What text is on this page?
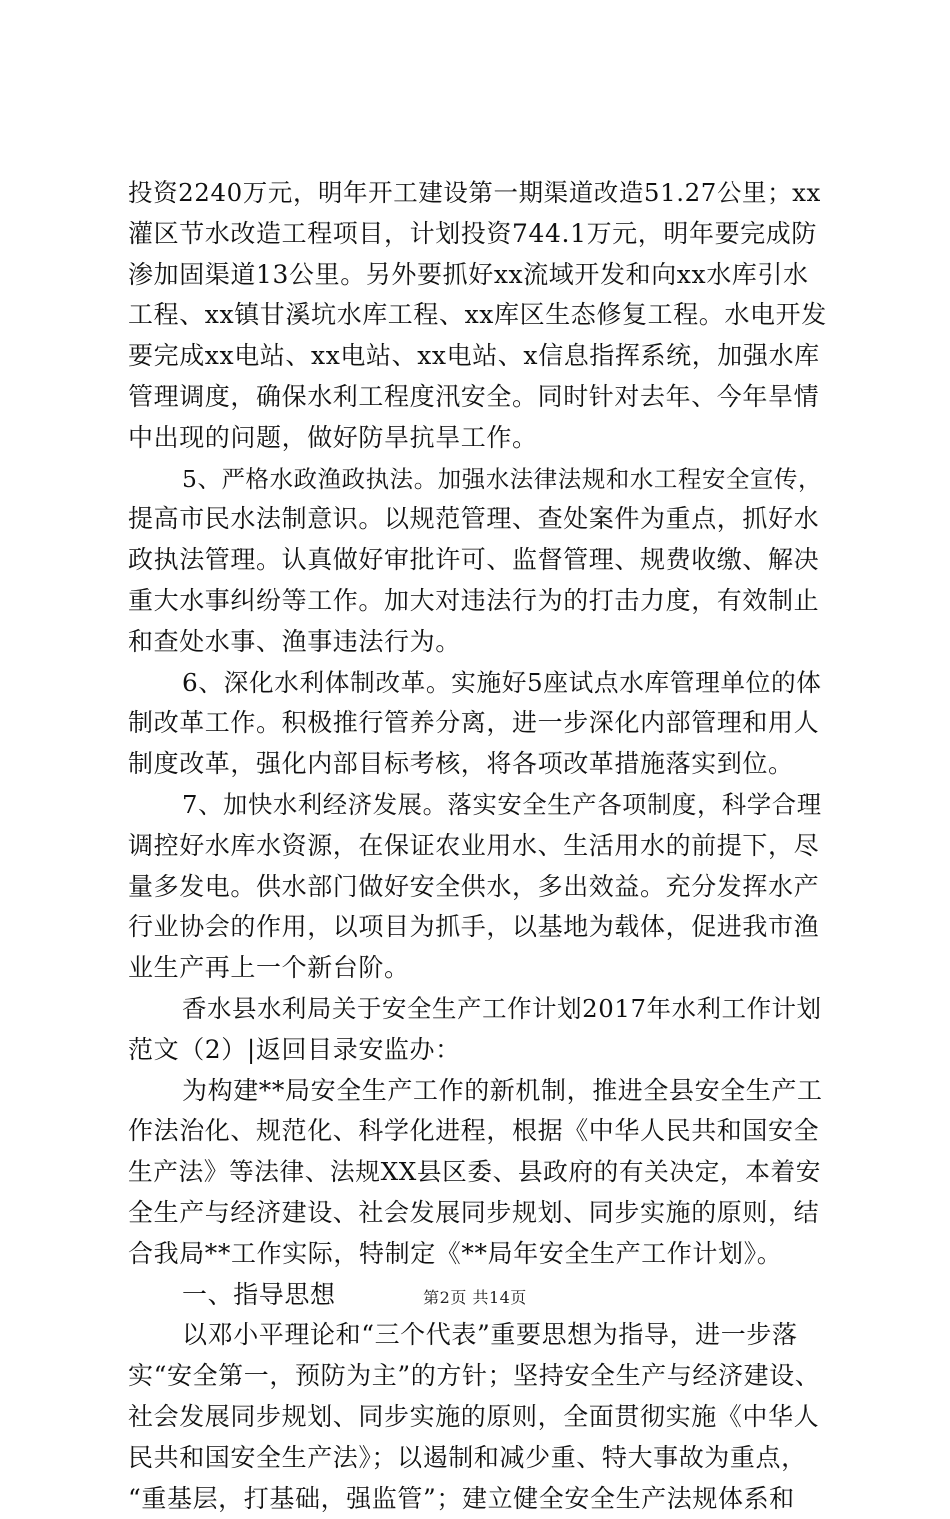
投资2240万元，明年开工建设第一期渠道改造51.27公里；xx
灌区节水改造工程项目，计划投资744.1万元，明年要完成防
渗加固渠道13公里。另外要抓好xx流域开发和向xx水库引水
工程、xx镇甘溪坑水库工程、xx库区生态修复工程。水电开发
要完成xx电站、xx电站、xx电站、x信息指挥系统，加强水库
管理调度，确保水利工程度汛安全。同时针对去年、今年旱情
中出现的问题，做好防旱抗旱工作。
5、严格水政渔政执法。加强水法律法规和水工程安全宣传，
提高市民水法制意识。以规范管理、查处案件为重点，抓好水
政执法管理。认真做好审批许可、监督管理、规费收缴、解决
重大水事纠纷等工作。加大对违法行为的打击力度，有效制止
和查处水事、渔事违法行为。
6、深化水利体制改革。实施好5座试点水库管理单位的体
制改革工作。积极推行管养分离，进一步深化内部管理和用人
制度改革，强化内部目标考核，将各项改革措施落实到位。
7、加快水利经济发展。落实安全生产各项制度，科学合理
调控好水库水资源，在保证农业用水、生活用水的前提下，尽
量多发电。供水部门做好安全供水，多出效益。充分发挥水产
行业协会的作用，以项目为抓手，以基地为载体，促进我市渔
业生产再上一个新台阶。
香水县水利局关于安全生产工作计划2017年水利工作计划
范文（2）|返回目录安监办：
为构建**局安全生产工作的新机制，推进全县安全生产工
作法治化、规范化、科学化进程，根据《中华人民共和国安全
生产法》等法律、法规XX县区委、县政府的有关决定，本着安
全生产与经济建设、社会发展同步规划、同步实施的原则，结
合我局**工作实际，特制定《**局年安全生产工作计划》。
一、指导思想
以邓小平理论和“三个代表”重要思想为指导，进一步落
实“安全第一，预防为主”的方针；坚持安全生产与经济建设、
社会发展同步规划、同步实施的原则，全面贯彻实施《中华人
民共和国安全生产法》；以遏制和减少重、特大事故为重点，
“重基层，打基础，强监管”；建立健全安全生产法规体系和
第2页 共14页
